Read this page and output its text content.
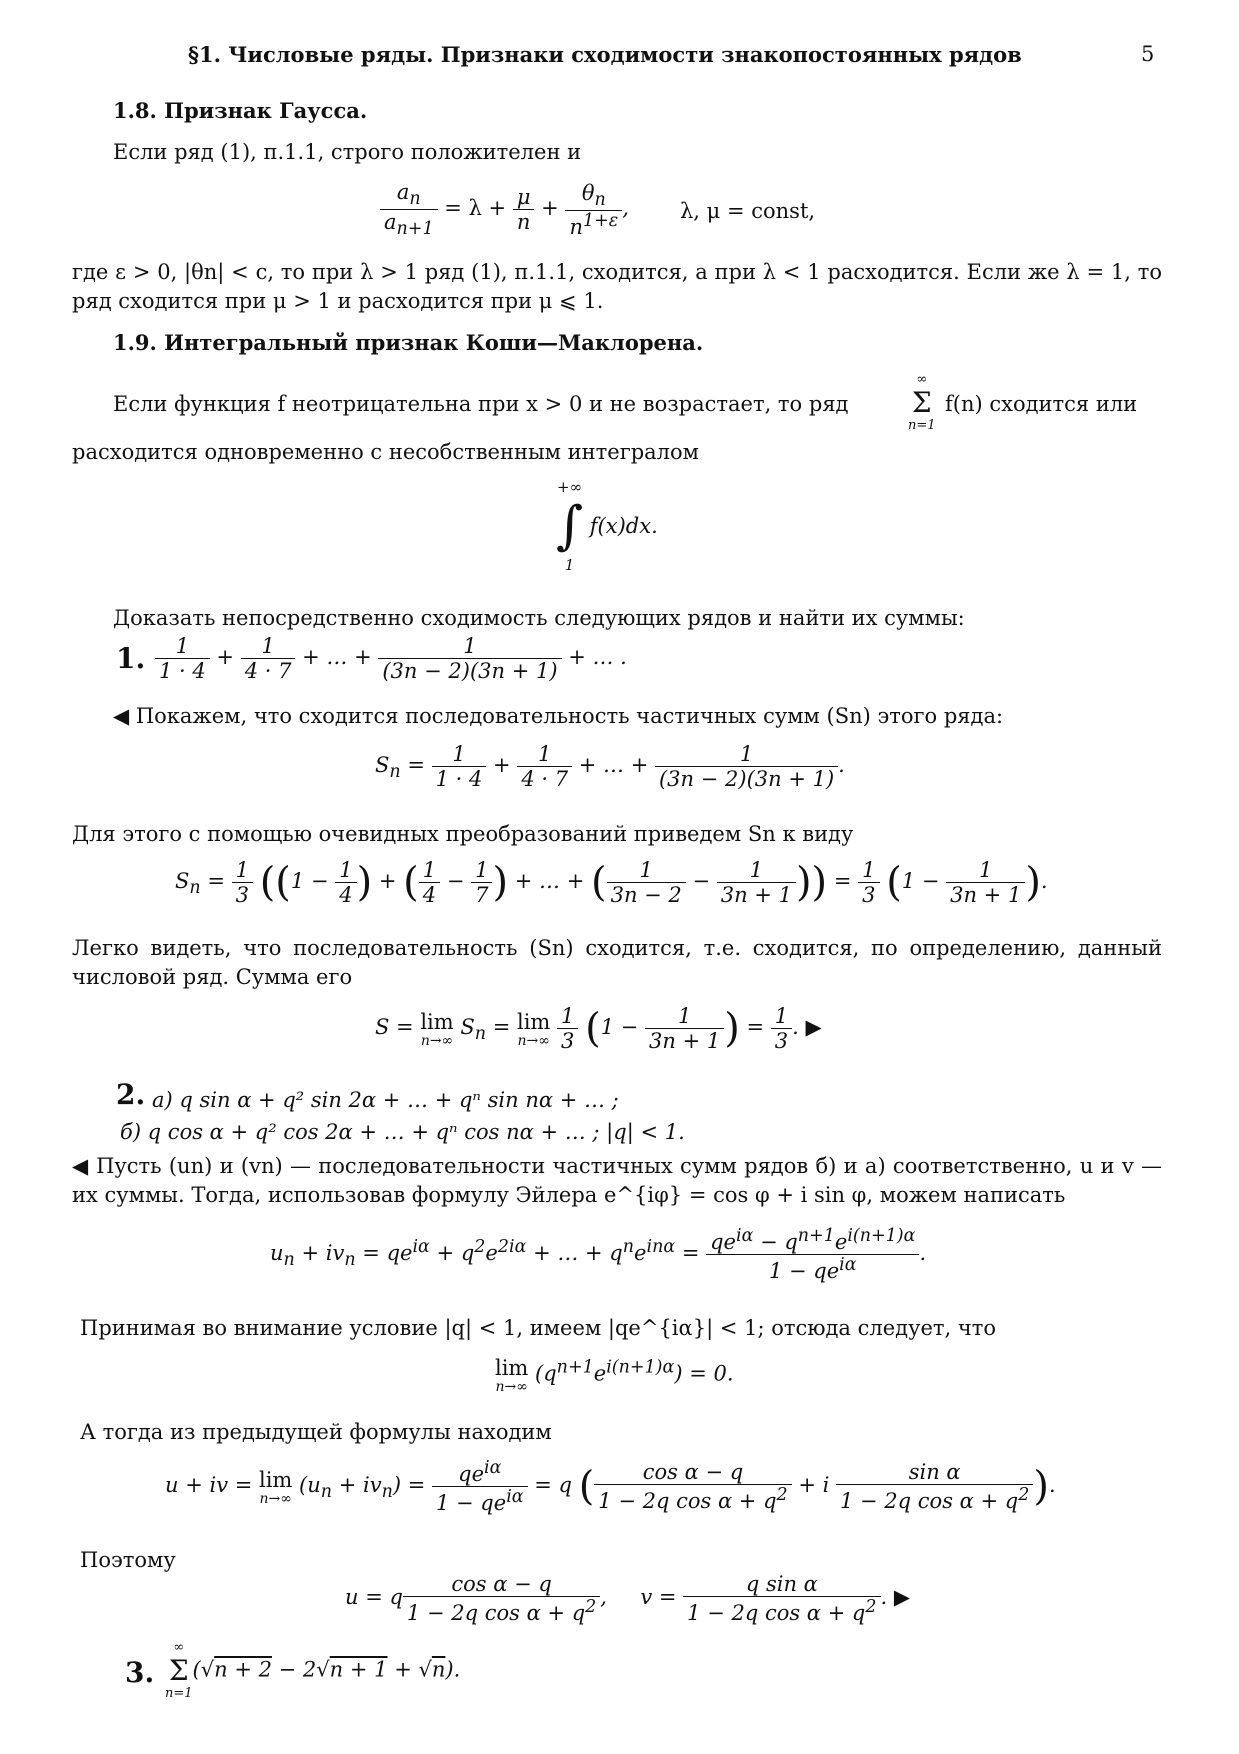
§1. Числовые ряды. Признаки сходимости знакопостоянных рядов	5
1.8. Признак Гаусса.
Если ряд (1), п.1.1, строго положителен и
$\frac{a_n}{a_{n+1}} = \lambda + \frac{\mu}{n} + \frac{\theta_n}{n^{1+\varepsilon}}$ ,	λ, μ = const,
где ε > 0, |θn| < c, то при λ > 1 ряд (1), п.1.1, сходится, а при λ < 1 расходится. Если же λ = 1, то ряд сходится при μ > 1 и расходится при μ ⩽ 1.
1.9. Интегральный признак Коши—Маклорена.
Если функция f неотрицательна при x > 0 и не возрастает, то ряд
∞
Σ
n=1
f(n) сходится или
расходится одновременно с несобственным интегралом
+∞
∫
1
f(x)dx.
Доказать непосредственно сходимость следующих рядов и найти их суммы:
1. $\frac{1}{1 \cdot 4} + \frac{1}{4 \cdot 7}$ + … + $\frac{1}{(3n - 2)(3n + 1)}$ + … .
◀ Покажем, что сходится последовательность частичных сумм (Sn) этого ряда:
$S_n = \frac{1}{1 \cdot 4} + \frac{1}{4 \cdot 7}$ + … + $\frac{1}{(3n - 2)(3n + 1)}$ .
Для этого с помощью очевидных преобразований приведем Sn к виду
$S_n = \frac{1}{3} ((1 - \frac{1}{4}$ ) + ( $\frac{1}{4} - \frac{1}{7}$ ) + … + ( $\frac{1}{3n - 2} - \frac{1}{3n + 1}$ )) = $\frac{1}{3} (1 - \frac{1}{3n + 1}$ ).
Легко видеть, что последовательность (Sn) сходится, т.е. сходится, по определению, данный числовой ряд. Сумма его
S = lim
n→∞
$S_n = \lim$
n→∞
$\frac{1}{3} (1 - \frac{1}{3n + 1}$ ) = $\frac{1}{3}$ . ▶
2. а) q sin α + q² sin 2α + … + qⁿ sin nα + … ;
б) q cos α + q² cos 2α + … + qⁿ cos nα + … ; |q| < 1.
◀ Пусть (un) и (vn) — последовательности частичных сумм рядов б) и а) соответственно, u и v — их суммы. Тогда, использовав формулу Эйлера e^{iφ} = cos φ + i sin φ, можем написать
$u_n + iv_n = qe^{i\alpha} + q^2e^{2i\alpha}$ + … + $q^ne^{in\alpha} = \frac{qe^{i\alpha} - q^{n+1}e^{i(n+1)\alpha}}{1 - qe^{i\alpha}}$ .
Принимая во внимание условие |q| < 1, имеем |qe^{iα}| < 1; отсюда следует, что
lim
n→∞
$(q^{n+1}e^{i(n+1)\alpha}) = 0$.
А тогда из предыдущей формулы находим
u + iv = lim
n→∞
$(u_n + iv_n) = \frac{qe^{i\alpha}}{1 - qe^{i\alpha}} = q$ ( $\frac{\text{cos α − q}}{1 - 2q \cos \alpha + q^2} + i \frac{\text{sin α}}{1 - 2q \cos \alpha + q^2}$ ).
Поэтому
u = q $\frac{\text{cos α − q}}{1 - 2q \cos \alpha + q^2}$ ,     $v = \frac{\text{q sin α}}{1 - 2q \cos \alpha + q^2}$ . ▶
3.
∞
Σ
n=1
(√n + 2 − 2√n + 1 + √n).
